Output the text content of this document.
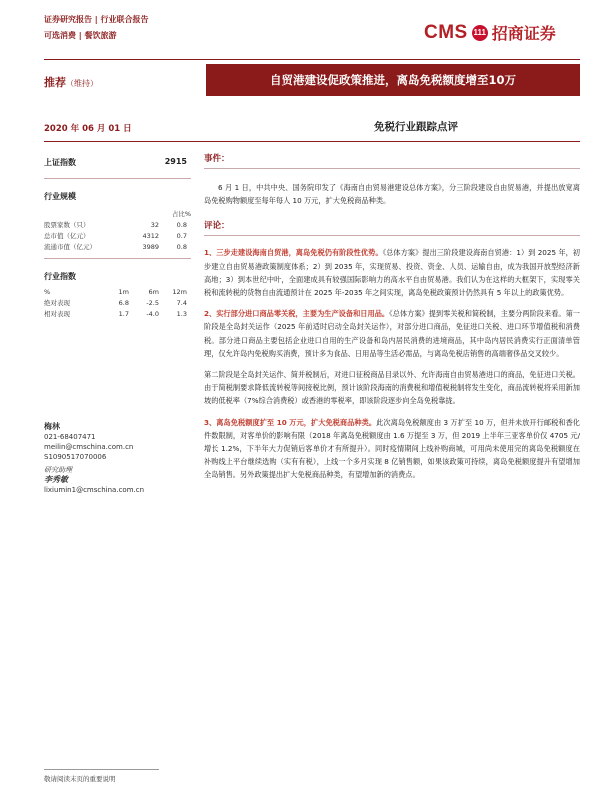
证券研究报告 | 行业联合报告
可选消费 | 餐饮旅游	CMS 111 招商证券
推荐（维持）	自贸港建设促政策推进，离岛免税额度增至10万
2020 年 06 月 01 日	免税行业跟踪点评
上证指数	2915
行业规模
占比%
股票家数（只）	32	0.8
总市值（亿元）	4312	0.7
流通市值（亿元）	3989	0.8
行业指数
%	1m	6m	12m
绝对表现	6.8	-2.5	7.4
相对表现	1.7	-4.0	1.3
梅林
021-68407471
meilin@cmschina.com.cn
S1090517070006
研究助理
李秀敏
lixiumin1@cmschina.com.cn
事件：
6 月 1 日，中共中央、国务院印发了《海南自由贸易港建设总体方案》，分三阶段建设自由贸易港，并提出放宽离岛免税购物额度至每年每人 10 万元，扩大免税商品种类。
评论：
1、三步走建设海南自贸港，离岛免税仍有阶段性优势。《总体方案》提出三阶段建设海南自贸港：1）到 2025 年，初步建立自由贸易港政策制度体系；2）到 2035 年，实现贸易、投资、资金、人员、运输自由，成为我国开放型经济新高地；3）到本世纪中叶，全面建成具有较强国际影响力的高水平自由贸易港。我们认为在这样的大框架下，实现零关税和流转税的货物自由流通预计在 2025 年-2035 年之间实现，离岛免税政策预计仍然具有 5 年以上的政策优势。
2、实行部分进口商品零关税，主要为生产设备和日用品。《总体方案》提到零关税和简税制，主要分两阶段来看。第一阶段是全岛封关运作（2025 年前适时启动全岛封关运作），对部分进口商品，免征进口关税、进口环节增值税和消费税。部分进口商品主要包括企业进口自用的生产设备和岛内居民消费的进境商品，其中岛内居民消费实行正面清单管理，仅允许岛内免税购买消费，预计多为食品、日用品等生活必需品，与离岛免税店销售的高端奢侈品交叉较少。
第二阶段是全岛封关运作、简并税制后，对进口征税商品目录以外、允许海南自由贸易港进口的商品，免征进口关税。由于简税制要求降低流转税等间接税比例，预计该阶段海南的消费税和增值税税制将发生变化，商品流转税将采用新加坡的低税率（7%综合消费税）或香港的零税率，即该阶段逐步向全岛免税靠拢。
3、离岛免税额度扩至 10 万元，扩大免税商品种类。此次离岛免税额度由 3 万扩至 10 万，但并未放开行邮税和香化件数限制，对客单价的影响有限（2018 年离岛免税额度由 1.6 万提至 3 万，但 2019 上半年三亚客单价仅 4705 元/增长 1.2%，下半年大力促销后客单价才有所提升）。同时疫情期间上线补购商城，可用尚未使用完的离岛免税额度在补购线上平台继续选购（实有有税），上线一个多月实现 8 亿销售额，如果该政策可持续，离岛免税额度提升有望增加全岛销售。另外政策提出扩大免税商品种类，有望增加新的消费点。
敬请阅读末页的重要说明
